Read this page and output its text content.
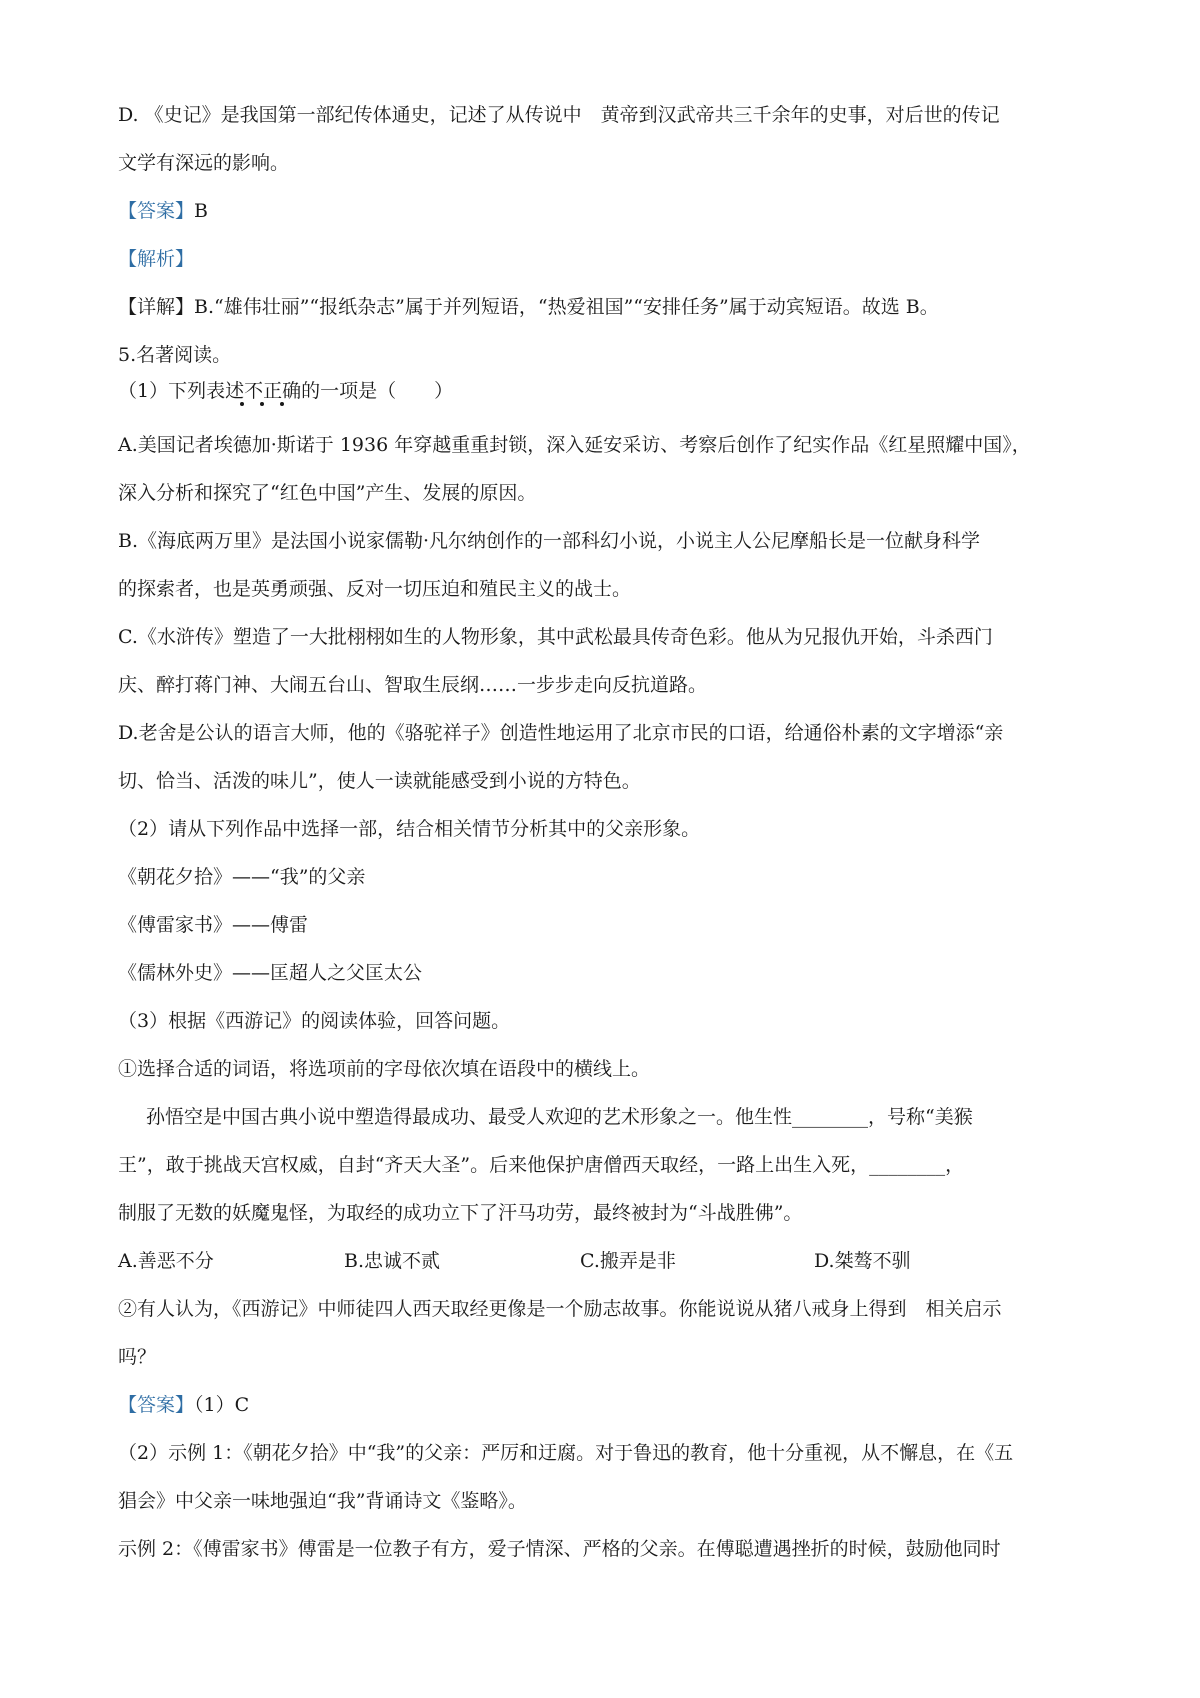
D. 《史记》是我国第一部纪传体通史，记述了从传说中　黄帝到汉武帝共三千余年的史事，对后世的传记
文学有深远的影响。
【答案】B
【解析】
【详解】B.“雄伟壮丽”“报纸杂志”属于并列短语，“热爱祖国”“安排任务”属于动宾短语。故选 B。
5.名著阅读。
（1）下列表述不正确的一项是（　　）
A.美国记者埃德加·斯诺于 1936 年穿越重重封锁，深入延安采访、考察后创作了纪实作品《红星照耀中国》，
深入分析和探究了“红色中国”产生、发展的原因。
B.《海底两万里》是法国小说家儒勒·凡尔纳创作的一部科幻小说，小说主人公尼摩船长是一位献身科学
的探索者，也是英勇顽强、反对一切压迫和殖民主义的战士。
C.《水浒传》塑造了一大批栩栩如生的人物形象，其中武松最具传奇色彩。他从为兄报仇开始，斗杀西门
庆、醉打蒋门神、大闹五台山、智取生辰纲……一步步走向反抗道路。
D.老舍是公认的语言大师，他的《骆驼祥子》创造性地运用了北京市民的口语，给通俗朴素的文字增添“亲
切、恰当、活泼的味儿”，使人一读就能感受到小说的方特色。
（2）请从下列作品中选择一部，结合相关情节分析其中的父亲形象。
《朝花夕拾》——“我”的父亲
《傅雷家书》——傅雷
《儒林外史》——匡超人之父匡太公
（3）根据《西游记》的阅读体验，回答问题。
①选择合适的词语，将选项前的字母依次填在语段中的横线上。
孙悟空是中国古典小说中塑造得最成功、最受人欢迎的艺术形象之一。他生性________，号称“美猴
王”，敢于挑战天宫权威，自封“齐天大圣”。后来他保护唐僧西天取经，一路上出生入死，________，
制服了无数的妖魔鬼怪，为取经的成功立下了汗马功劳，最终被封为“斗战胜佛”。
A.善恶不分	B.忠诚不贰	C.搬弄是非	D.桀骜不驯
②有人认为，《西游记》中师徒四人西天取经更像是一个励志故事。你能说说从猪八戒身上得到　相关启示
吗？
【答案】（1）C
（2）示例 1：《朝花夕拾》中“我”的父亲：严厉和迂腐。对于鲁迅的教育，他十分重视，从不懈息，在《五
猖会》中父亲一味地强迫“我”背诵诗文《鉴略》。
示例 2：《傅雷家书》傅雷是一位教子有方，爱子情深、严格的父亲。在傅聪遭遇挫折的时候，鼓励他同时
